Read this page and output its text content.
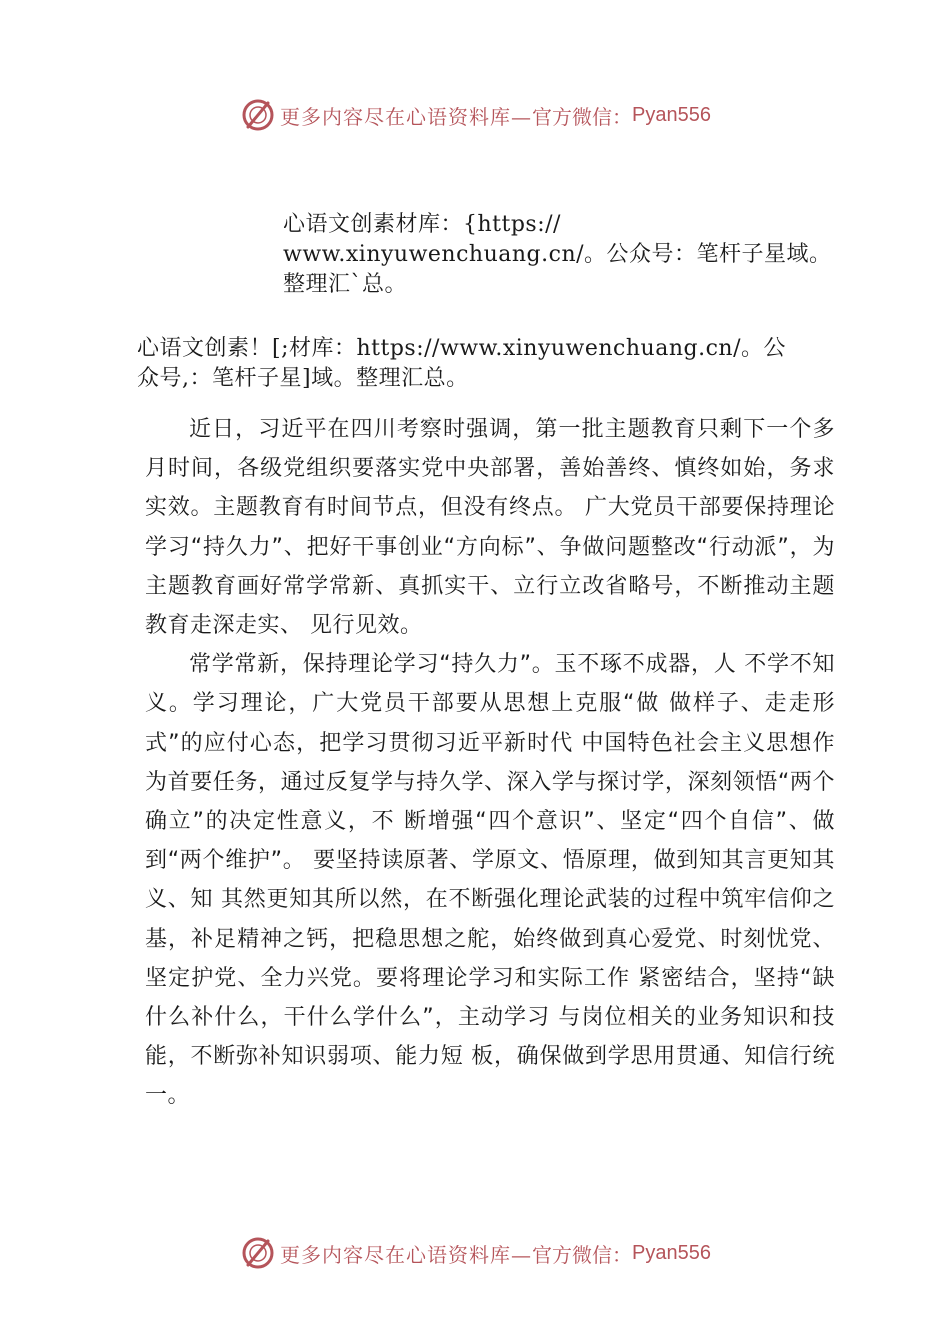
更多内容尽在心语资料库— 官方微信： Pyan556
心语文创素材库：{https://
www.xinyuwenchuang.cn/。公众号：笔杆子星域。
整理汇`总。
心语文创素！[;材库：https://www.xinyuwenchuang.cn/。公
众号,：笔杆子星]域。整理汇总。

近日，习近平在四川考察时强调，第一批主题教育只剩下一个多月时间，各级党组织要落实党中央部署，善始善终、慎终如始，务求实效。主题教育有时间节点，但没有终点。 广大党员干部要保持理论学习“持久力”、把好干事创业“方向标”、争做问题整改“行动派”，为主题教育画好常学常新、真抓实干、立行立改省略号，不断推动主题教育走深走实、 见行见效。

常学常新，保持理论学习“持久力”。玉不琢不成器，人 不学不知义。学习理论，广大党员干部要从思想上克服“做 做样子、走走形式”的应付心态，把学习贯彻习近平新时代 中国特色社会主义思想作为首要任务，通过反复学与持久学、深入学与探讨学，深刻领悟“两个确立”的决定性意义，不 断增强“四个意识”、坚定“四个自信”、做到“两个维护”。 要坚持读原著、学原文、悟原理，做到知其言更知其义、知 其然更知其所以然，在不断强化理论武装的过程中筑牢信仰之基，补足精神之钙，把稳思想之舵，始终做到真心爱党、时刻忧党、坚定护党、全力兴党。要将理论学习和实际工作 紧密结合，坚持“缺什么补什么，干什么学什么”，主动学习 与岗位相关的业务知识和技能，不断弥补知识弱项、能力短 板，确保做到学思用贯通、知信行统一。

更多内容尽在心语资料库— 官方微信： Pyan556
